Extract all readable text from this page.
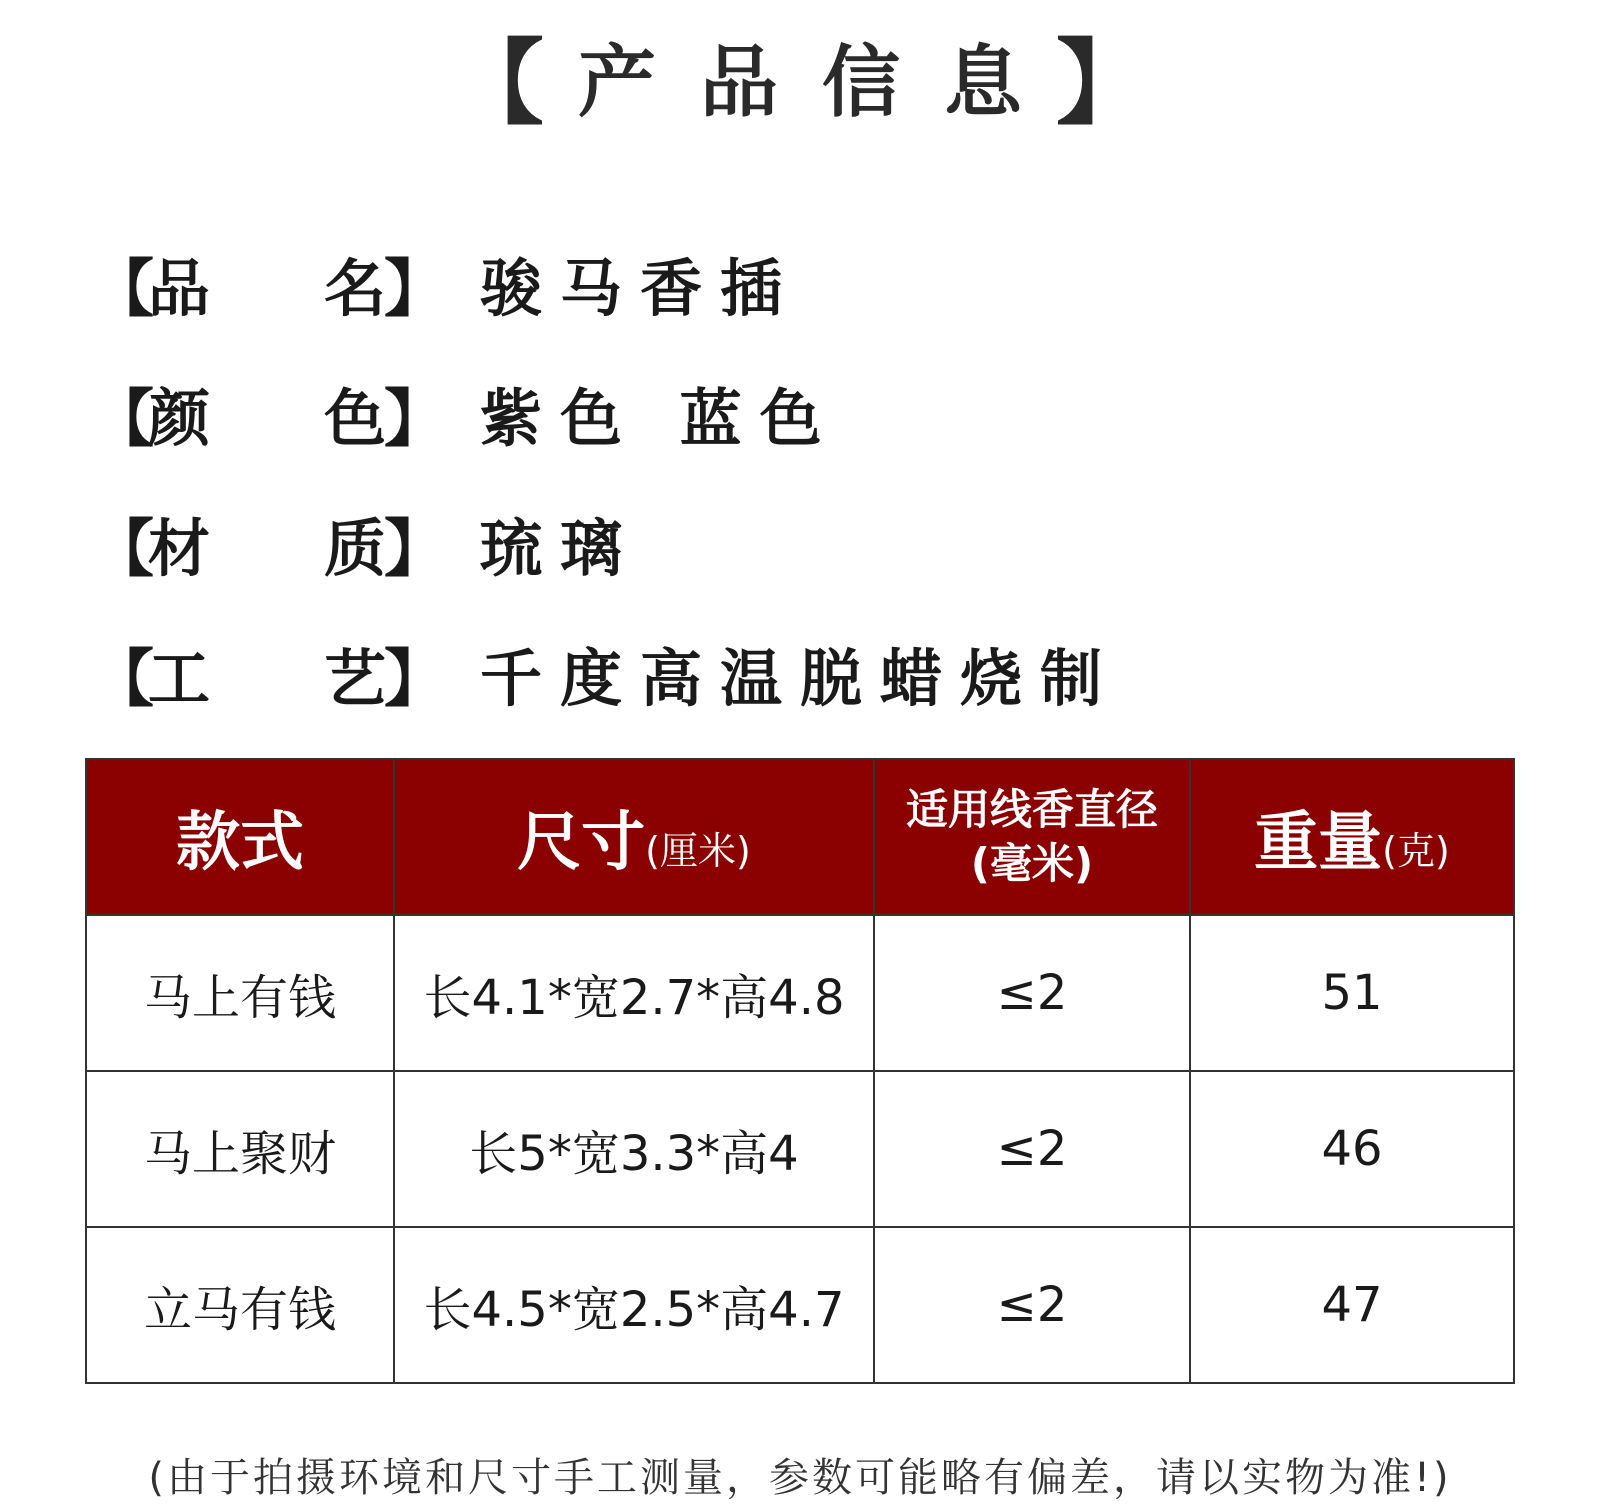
【 产 品 信 息 】
【
品	名
】 骏马香插
【
颜	色
】 紫色 蓝色
【
材	质
】 琉璃
【
工	艺
】 千度高温脱蜡烧制
款式	尺寸(厘米)	适用线香直径
(毫米)	重量(克)
马上有钱	长4.1*宽2.7*高4.8	≤2	51
马上聚财	长5*宽3.3*高4	≤2	46
立马有钱	长4.5*宽2.5*高4.7	≤2	47
(由于拍摄环境和尺寸手工测量，参数可能略有偏差，请以实物为准!)
